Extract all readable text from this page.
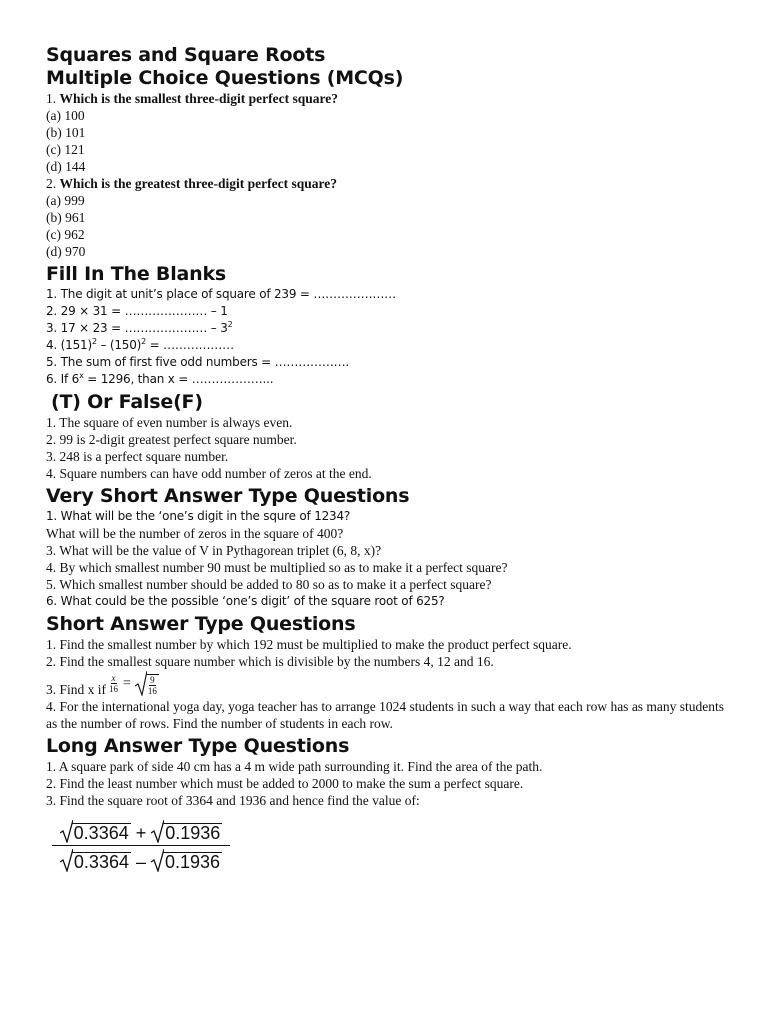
Squares and Square Roots
Multiple Choice Questions (MCQs)

1. Which is the smallest three-digit perfect square?

(a) 100

(b) 101

(c) 121

(d) 144

2. Which is the greatest three-digit perfect square?

(a) 999

(b) 961

(c) 962

(d) 970

Fill In The Blanks

1. The digit at unit’s place of square of 239 = …………………

2. 29 × 31 = ………………… – 1

3. 17 × 23 = ………………… – $3^2$

4. $(151)^2 - (150)^2$ = ………………

5. The sum of first five odd numbers = ……………….

6. If $6^x = 1296$, than x = ………………...

(T) Or False(F)

1. The square of even number is always even.

2. 99 is 2-digit greatest perfect square number.

3. 248 is a perfect square number.

4. Square numbers can have odd number of zeros at the end.

Very Short Answer Type Questions

1. What will be the ‘one’s digit in the squre of 1234?

What will be the number of zeros in the square of 400?

3. What will be the value of V in Pythagorean triplet (6, 8, x)?

4. By which smallest number 90 must be multiplied so as to make it a perfect square?

5. Which smallest number should be added to 80 so as to make it a perfect square?

6. What could be the possible ‘one’s digit’ of the square root of 625?

Short Answer Type Questions

1. Find the smallest number by which 192 must be multiplied to make the product perfect square.

2. Find the smallest square number which is divisible by the numbers 4, 12 and 16.

3. Find x if $\frac{x}{16} = \frac{9}{16}$

4. For the international yoga day, yoga teacher has to arrange 1024 students in such a way that each row has as many students as the number of rows. Find the number of students in each row.

Long Answer Type Questions

1. A square park of side 40 cm has a 4 m wide path surrounding it. Find the area of the path.

2. Find the least number which must be added to 2000 to make the sum a perfect square.

3. Find the square root of 3364 and 1936 and hence find the value of:

$\frac{0.3364 + 0.1936}{0.3364 - 0.1936}$
